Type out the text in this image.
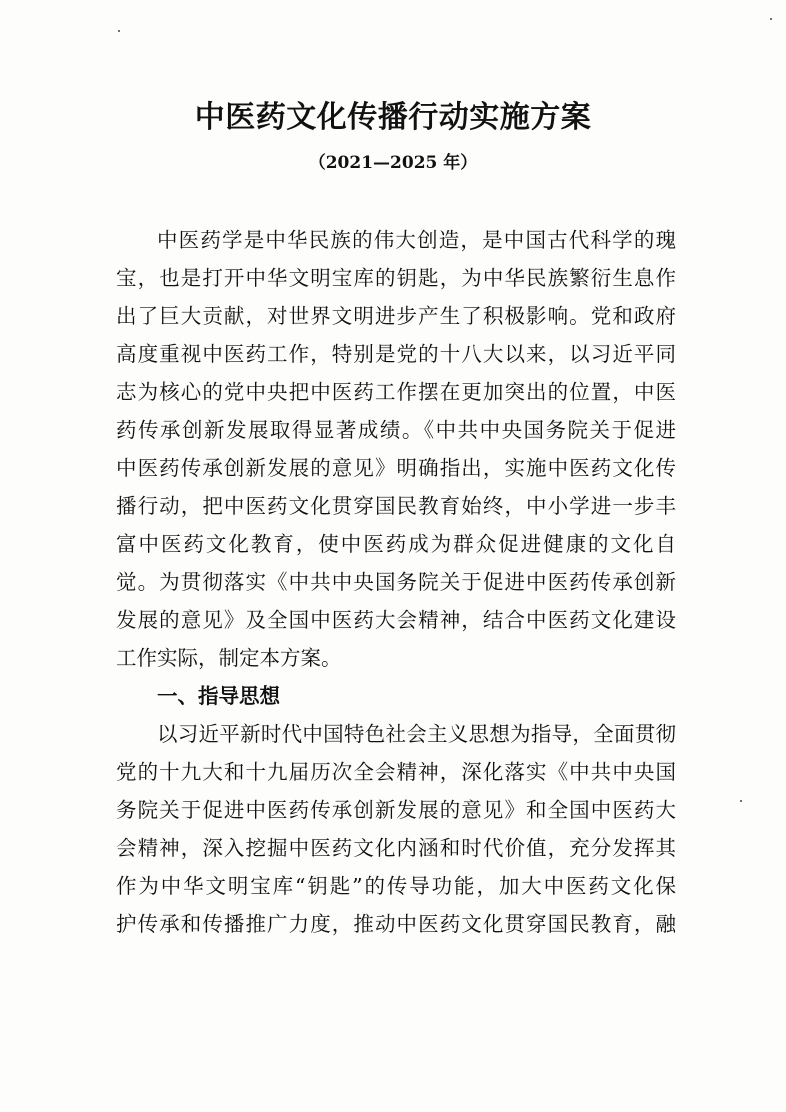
中医药文化传播行动实施方案
（2021—2025 年）
中医药学是中华民族的伟大创造，是中国古代科学的瑰
宝，也是打开中华文明宝库的钥匙，为中华民族繁衍生息作
出了巨大贡献，对世界文明进步产生了积极影响。党和政府
高度重视中医药工作，特别是党的十八大以来，以习近平同
志为核心的党中央把中医药工作摆在更加突出的位置，中医
药传承创新发展取得显著成绩。《中共中央国务院关于促进
中医药传承创新发展的意见》明确指出，实施中医药文化传
播行动，把中医药文化贯穿国民教育始终，中小学进一步丰
富中医药文化教育，使中医药成为群众促进健康的文化自
觉。为贯彻落实《中共中央国务院关于促进中医药传承创新
发展的意见》及全国中医药大会精神，结合中医药文化建设
工作实际，制定本方案。
一、指导思想
以习近平新时代中国特色社会主义思想为指导，全面贯彻
党的十九大和十九届历次全会精神，深化落实《中共中央国
务院关于促进中医药传承创新发展的意见》和全国中医药大
会精神，深入挖掘中医药文化内涵和时代价值，充分发挥其
作为中华文明宝库“钥匙”的传导功能，加大中医药文化保
护传承和传播推广力度，推动中医药文化贯穿国民教育，融
